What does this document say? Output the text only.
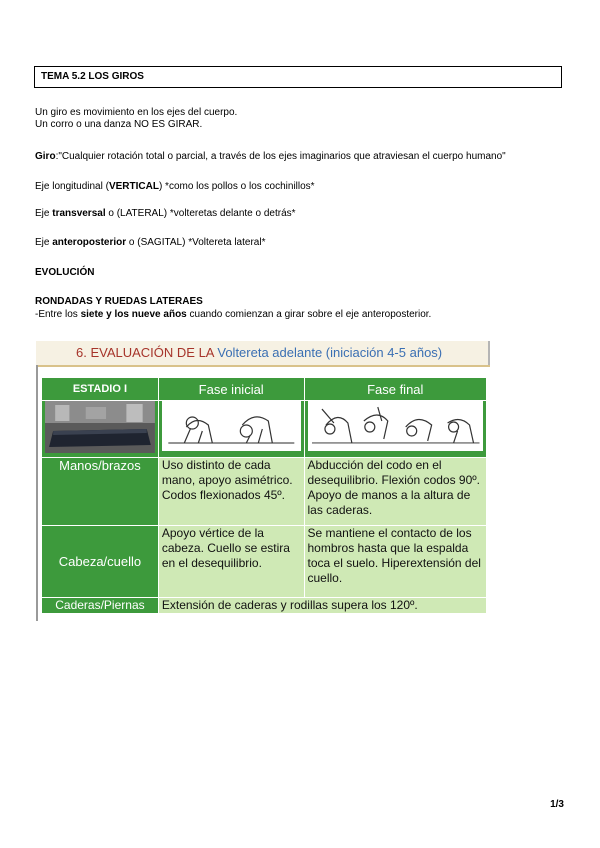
TEMA 5.2 LOS GIROS
Un giro es movimiento en los ejes del cuerpo.
Un corro o una danza NO ES GIRAR.
Giro:"Cualquier rotación total o parcial, a través de los ejes imaginarios que atraviesan el cuerpo humano"
Eje longitudinal (VERTICAL) *como los pollos o los cochinillos*
Eje transversal o (LATERAL) *volteretas delante o detrás*
Eje anteroposterior o (SAGITAL) *Voltereta lateral*
EVOLUCIÓN
RONDADAS Y RUEDAS LATERAES
-Entre los siete y los nueve años cuando comienzan a girar sobre el eje anteroposterior.
6. EVALUACIÓN DE LA Voltereta adelante (iniciación 4-5 años)
ESTADIO I	Fase inicial	Fase final

Manos/brazos	Uso distinto de cada mano, apoyo asimétrico. Codos flexionados 45º.	Abducción del codo en el desequilibrio. Flexión codos 90º. Apoyo de manos a la altura de las caderas.
Cabeza/cuello	Apoyo vértice de la cabeza. Cuello se estira en el desequilibrio.	Se mantiene el contacto de los hombros hasta que la espalda toca el suelo. Hiperextensión del cuello.
Caderas/Piernas	Extensión de caderas y rodillas supera los 120º.	
1/3
